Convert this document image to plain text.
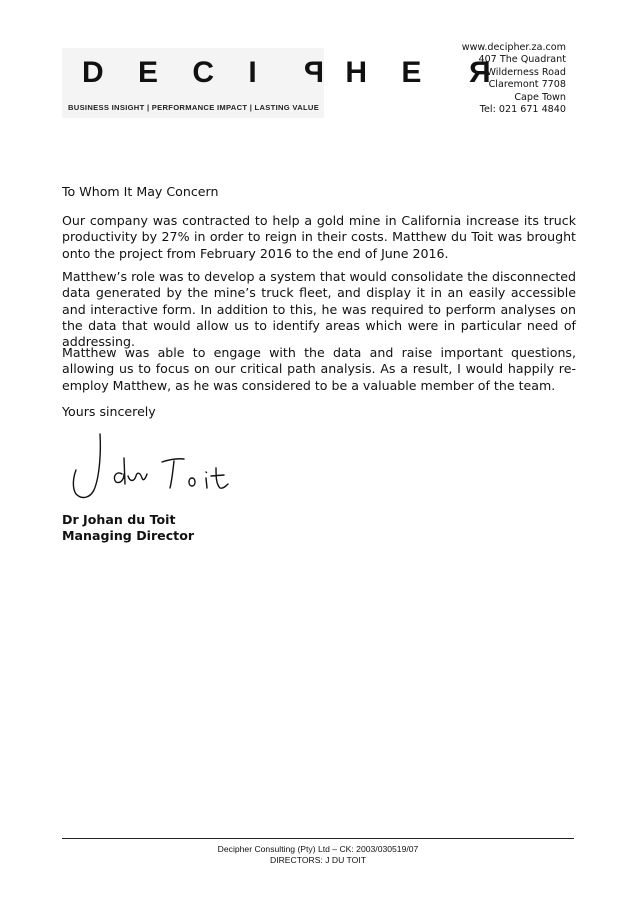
D E C I P H E R
BUSINESS INSIGHT | PERFORMANCE IMPACT | LASTING VALUE
www.decipher.za.com
407 The Quadrant
Wilderness Road
Claremont 7708
Cape Town
Tel: 021 671 4840
To Whom It May Concern
Our company was contracted to help a gold mine in California increase its truck productivity by 27% in order to reign in their costs. Matthew du Toit was brought onto the project from February 2016 to the end of June 2016.
Matthew’s role was to develop a system that would consolidate the disconnected data generated by the mine’s truck fleet, and display it in an easily accessible and interactive form. In addition to this, he was required to perform analyses on the data that would allow us to identify areas which were in particular need of addressing.
Matthew was able to engage with the data and raise important questions, allowing us to focus on our critical path analysis. As a result, I would happily re-employ Matthew, as he was considered to be a valuable member of the team.
Yours sincerely
Dr Johan du Toit
Managing Director
Decipher Consulting (Pty) Ltd – CK: 2003/030519/07
DIRECTORS: J DU TOIT
